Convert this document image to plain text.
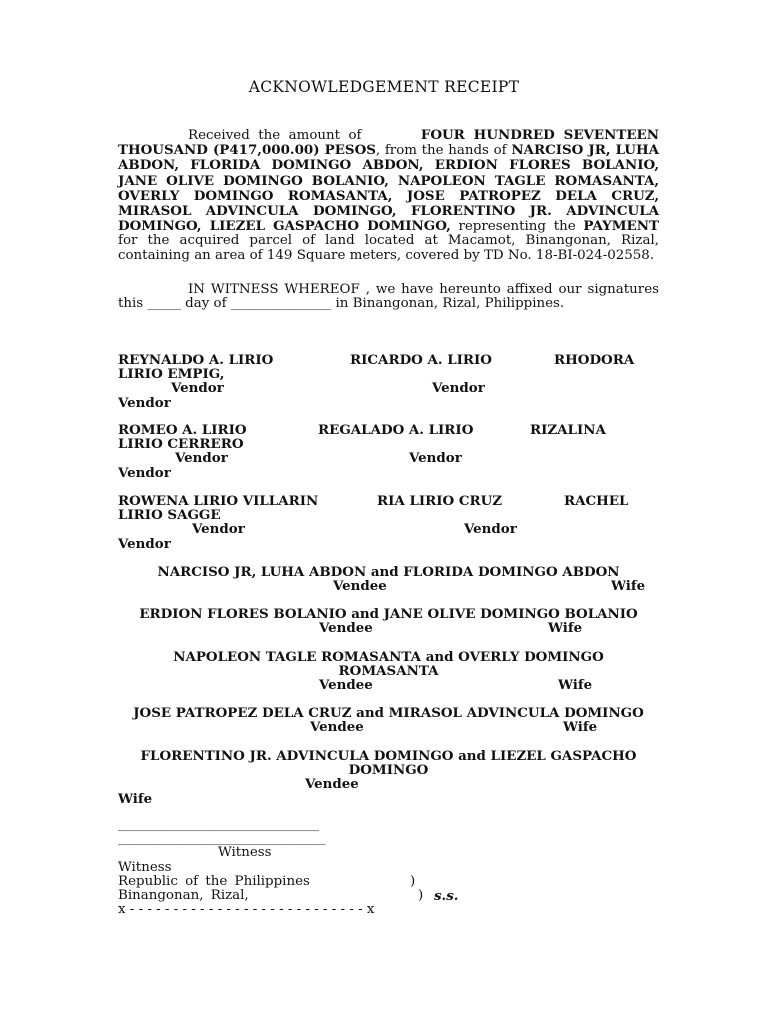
ACKNOWLEDGEMENT RECEIPT
Received the amount of	FOUR HUNDRED SEVENTEEN THOUSAND (P417,000.00) PESOS, from the hands of NARCISO JR, LUHA ABDON, FLORIDA DOMINGO ABDON, ERDION FLORES BOLANIO, JANE OLIVE DOMINGO BOLANIO, NAPOLEON TAGLE ROMASANTA, OVERLY DOMINGO ROMASANTA, JOSE PATROPEZ DELA CRUZ, MIRASOL ADVINCULA DOMINGO, FLORENTINO JR. ADVINCULA DOMINGO, LIEZEL GASPACHO DOMINGO, representing the PAYMENT for the acquired parcel of land located at Macamot, Binangonan, Rizal, containing an area of 149 Square meters, covered by TD No. 18-BI-024-02558.
IN WITNESS WHEREOF , we have hereunto affixed our signatures this _____ day of _______________ in Binangonan, Rizal, Philippines.
REYNALDO A. LIRIO	RICARDO A. LIRIO	RHODORA
LIRIO EMPIG,
Vendor	Vendor
Vendor
ROMEO A. LIRIO	REGALADO A. LIRIO	RIZALINA
LIRIO CERRERO
Vendor	Vendor
Vendor
ROWENA LIRIO VILLARIN	RIA LIRIO CRUZ	RACHEL
LIRIO SAGGE
Vendor	Vendor
Vendor
NARCISO JR, LUHA ABDON and FLORIDA DOMINGO ABDON
Vendee	Wife
ERDION FLORES BOLANIO and JANE OLIVE DOMINGO BOLANIO
Vendee	Wife
NAPOLEON TAGLE ROMASANTA and OVERLY DOMINGO ROMASANTA
Vendee	Wife
JOSE PATROPEZ DELA CRUZ and MIRASOL ADVINCULA DOMINGO
Vendee	Wife
FLORENTINO JR. ADVINCULA DOMINGO and LIEZEL GASPACHO DOMINGO
Vendee
Wife
______________________________
_______________________________
Witness
Witness
Republic of the Philippines	)
Binangonan, Rizal,	) s.s.
x - - - - - - - - - - - - - - - - - - - - - - - - - - - x
